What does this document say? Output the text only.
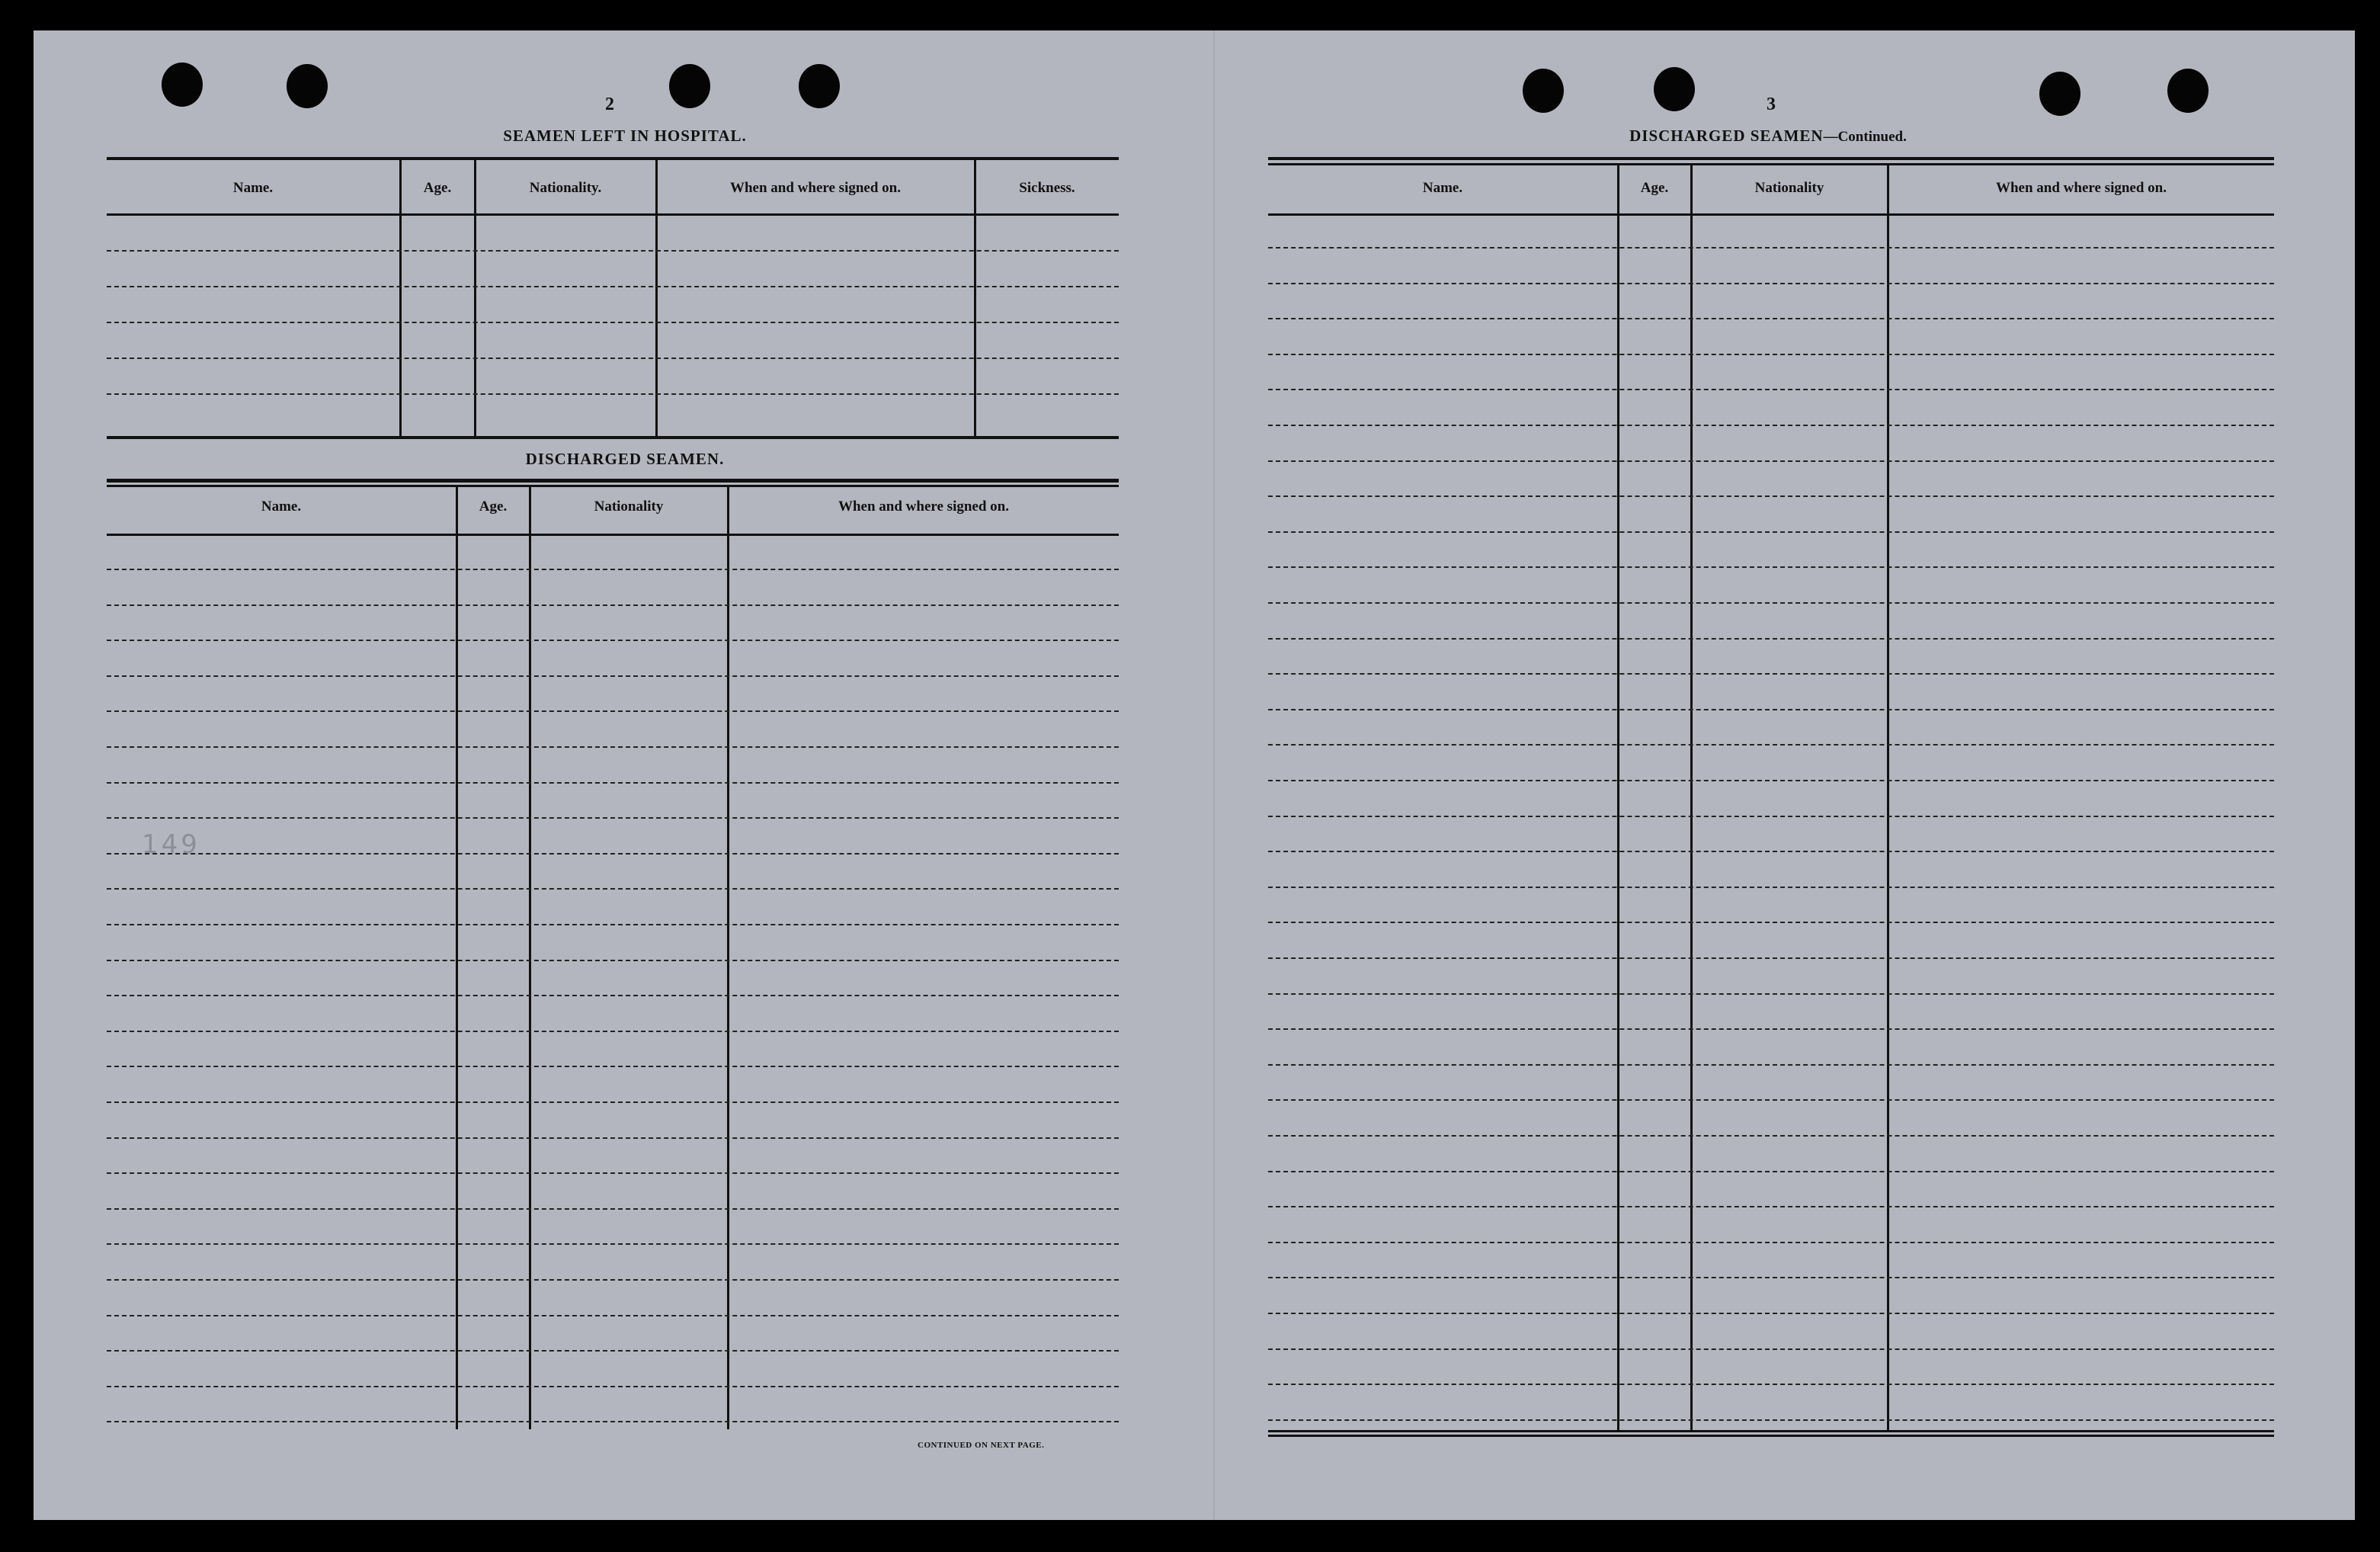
2
SEAMEN LEFT IN HOSPITAL.
Name.	Age.	Nationality.	When and where signed on.	Sickness.
DISCHARGED SEAMEN.
Name.	Age.	Nationality	When and where signed on.
CONTINUED ON NEXT PAGE.
149
3
DISCHARGED SEAMEN—Continued.
Name.	Age.	Nationality	When and where signed on.
